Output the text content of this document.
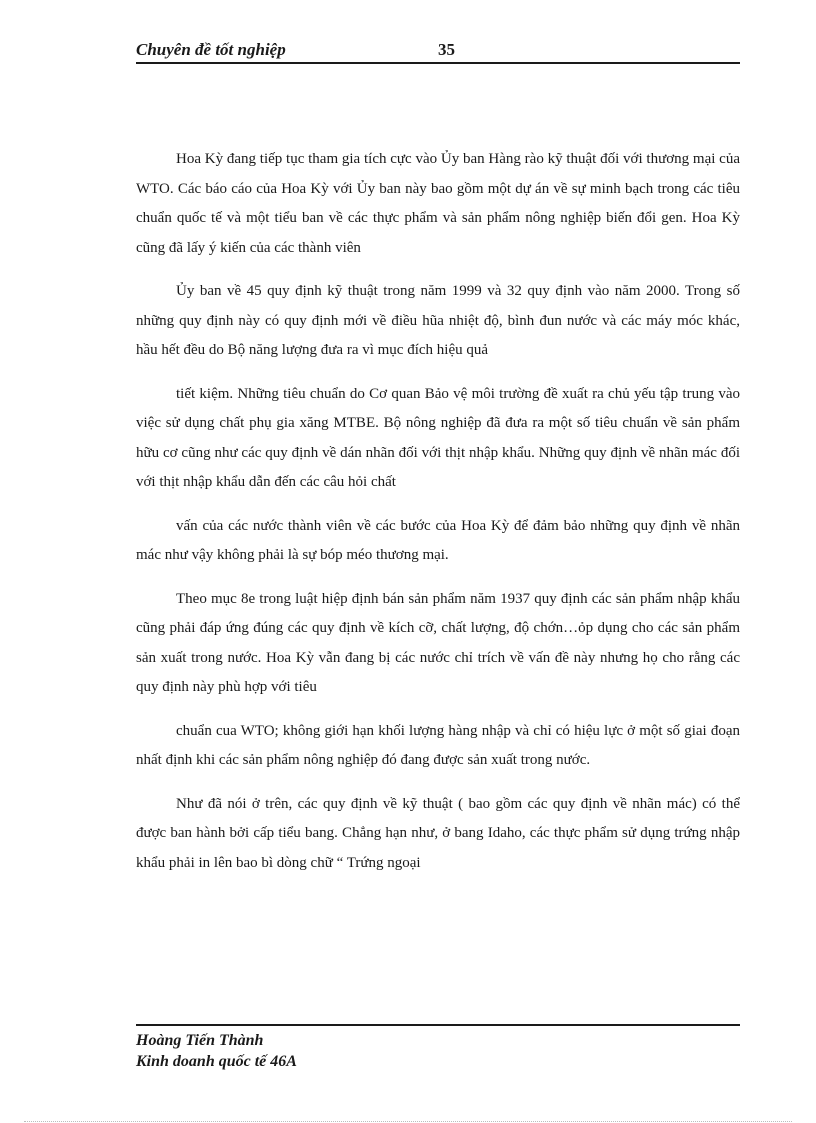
Chuyên đề tốt nghiệp	35

Hoa Kỳ đang tiếp tục tham gia tích cực vào Ủy ban Hàng rào kỹ thuật đối với thương mại của WTO. Các báo cáo của Hoa Kỳ với Ủy ban này bao gồm một dự án về sự minh bạch trong các tiêu chuẩn quốc tế và một tiểu ban về các thực phẩm và sản phẩm nông nghiệp biến đổi gen. Hoa Kỳ cũng đã lấy ý kiến của các thành viên

Ủy ban về 45 quy định kỹ thuật trong năm 1999 và 32 quy định vào năm 2000. Trong số những quy định này có quy định mới về điều hũa nhiệt độ, bình đun nước và các máy móc khác, hầu hết đều do Bộ năng lượng đưa ra vì mục đích hiệu quả

tiết kiệm. Những tiêu chuẩn do Cơ quan Bảo vệ môi trường đề xuất ra chủ yếu tập trung vào việc sử dụng chất phụ gia xăng MTBE. Bộ nông nghiệp đã đưa ra một số tiêu chuẩn về sản phẩm hữu cơ cũng như các quy định về dán nhãn đối với thịt nhập khẩu. Những quy định về nhãn mác đối với thịt nhập khẩu dẫn đến các câu hỏi chất

vấn của các nước thành viên về các bước của Hoa Kỳ để đảm bảo những quy định về nhãn mác như vậy không phải là sự bóp méo thương mại.

Theo mục 8e trong luật hiệp định bán sản phẩm năm 1937 quy định các sản phẩm nhập khẩu cũng phải đáp ứng đúng các quy định về kích cỡ, chất lượng, độ chớn…ỏp dụng cho các sản phẩm sản xuất trong nước. Hoa Kỳ vẫn đang bị các nước chỉ trích về vấn đề này nhưng họ cho rằng các quy định này phù hợp với tiêu

chuẩn cua WTO; không giới hạn khối lượng hàng nhập và chỉ có hiệu lực ở một số giai đoạn nhất định khi các sản phẩm nông nghiệp đó đang được sản xuất trong nước.

Như đã nói ở trên, các quy định về kỹ thuật ( bao gồm các quy định về nhãn mác) có thể được ban hành bởi cấp tiểu bang. Chẳng hạn như, ở bang Idaho, các thực phẩm sử dụng trứng nhập khẩu phải in lên bao bì dòng chữ “ Trứng ngoại

Hoàng Tiến Thành
Kinh doanh quốc tế 46A
